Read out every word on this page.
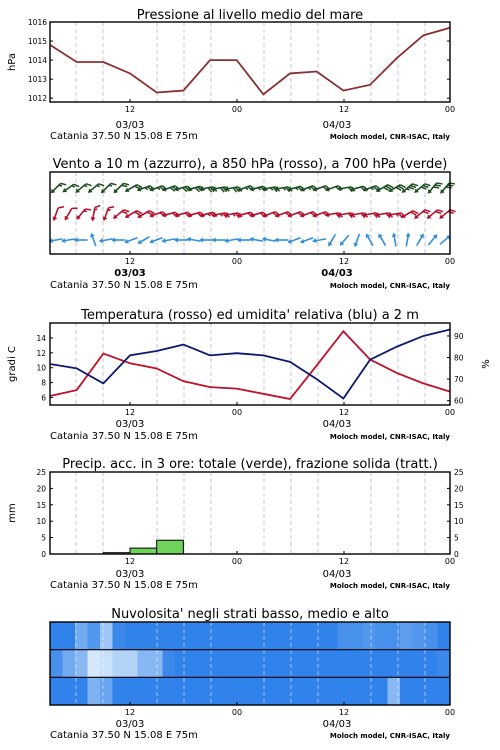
Pressione al livello medio del mare
1012
1013
1014
1015
1016
hPa
12	00	12	00
03/03	04/03
Catania 37.50 N 15.08 E 75m	Moloch model, CNR-ISAC, Italy
Vento a 10 m (azzurro), a 850 hPa (rosso), a 700 hPa (verde)
12	00	12	00
03/03	04/03
Catania 37.50 N 15.08 E 75m	Moloch model, CNR-ISAC, Italy
Temperatura (rosso) ed umidita' relativa (blu) a 2 m
6
8
10
12
14
60
70
80
90
gradi C	%
12	00	12	00
03/03	04/03
Catania 37.50 N 15.08 E 75m	Moloch model, CNR-ISAC, Italy
Precip. acc. in 3 ore: totale (verde), frazione solida (tratt.)
0
5
10
15
20
25
0
5
10
15
20
25
mm
12	00	12	00
03/03	04/03
Catania 37.50 N 15.08 E 75m	Moloch model, CNR-ISAC, Italy
Nuvolosita' negli strati basso, medio e alto
12	00	12	00
03/03	04/03
Catania 37.50 N 15.08 E 75m	Moloch model, CNR-ISAC, Italy
